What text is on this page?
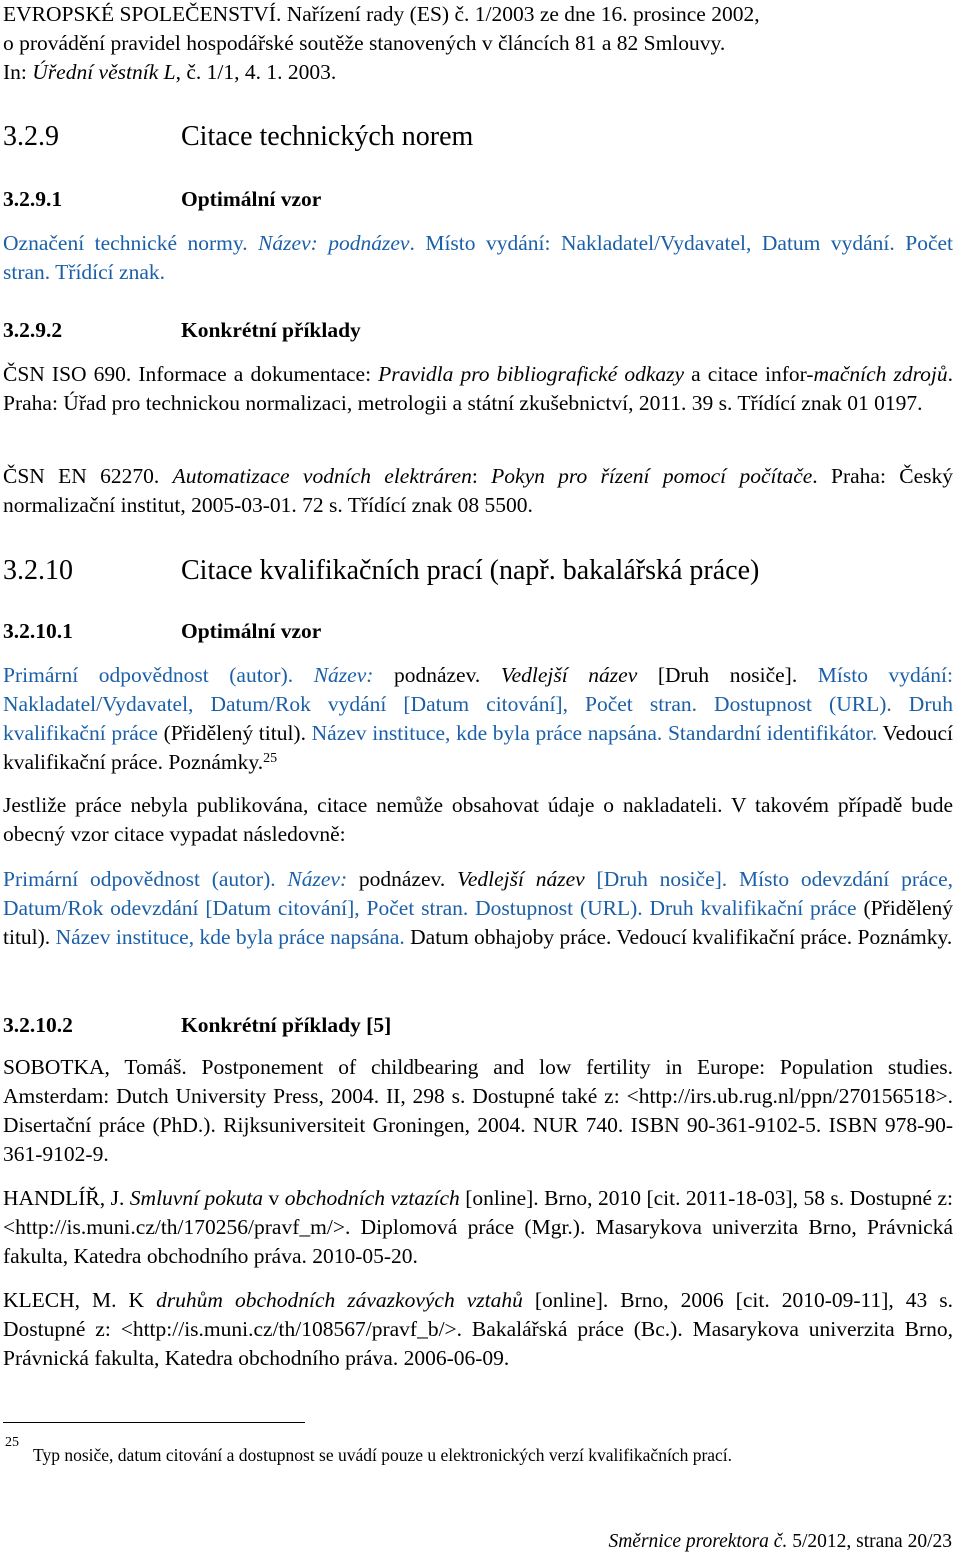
EVROPSKÉ SPOLEČENSTVÍ. Nařízení rady (ES) č. 1/2003 ze dne 16. prosince 2002,
o provádění pravidel hospodářské soutěže stanovených v článcích 81 a 82 Smlouvy.
In: Úřední věstník L, č. 1/1, 4. 1. 2003.
3.2.9	Citace technických norem
3.2.9.1	Optimální vzor

Označení technické normy. Název: podnázev. Místo vydání: Nakladatel/Vydavatel, Datum vydání. Počet stran. Třídící znak.

3.2.9.2	Konkrétní příklady

ČSN ISO 690. Informace a dokumentace: Pravidla pro bibliografické odkazy a citace infor-mačních zdrojů. Praha: Úřad pro technickou normalizaci, metrologii a státní zkušebnictví, 2011. 39 s. Třídící znak 01 0197.

ČSN EN 62270. Automatizace vodních elektráren: Pokyn pro řízení pomocí počítače. Praha: Český normalizační institut, 2005-03-01. 72 s. Třídící znak 08 5500.

3.2.10	Citace kvalifikačních prací (např. bakalářská práce)
3.2.10.1	Optimální vzor

Primární odpovědnost (autor). Název: podnázev. Vedlejší název [Druh nosiče]. Místo vydání: Nakladatel/Vydavatel, Datum/Rok vydání [Datum citování], Počet stran. Dostupnost (URL). Druh kvalifikační práce (Přidělený titul). Název instituce, kde byla práce napsána. Standardní identifikátor. Vedoucí kvalifikační práce. Poznámky.$^{25}$

Jestliže práce nebyla publikována, citace nemůže obsahovat údaje o nakladateli. V takovém případě bude obecný vzor citace vypadat následovně:

Primární odpovědnost (autor). Název: podnázev. Vedlejší název [Druh nosiče]. Místo odevzdání práce, Datum/Rok odevzdání [Datum citování], Počet stran. Dostupnost (URL). Druh kvalifikační práce (Přidělený titul). Název instituce, kde byla práce napsána. Datum obhajoby práce. Vedoucí kvalifikační práce. Poznámky.

3.2.10.2	Konkrétní příklady [5]

SOBOTKA, Tomáš. Postponement of childbearing and low fertility in Europe: Population studies. Amsterdam: Dutch University Press, 2004. II, 298 s. Dostupné také z: <http://irs.ub.rug.nl/ppn/270156518>. Disertační práce (PhD.). Rijksuniversiteit Groningen, 2004. NUR 740. ISBN 90-361-9102-5. ISBN 978-90-361-9102-9.

HANDLÍŘ, J. Smluvní pokuta v obchodních vztazích [online]. Brno, 2010 [cit. 2011-18-03], 58 s. Dostupné z: <http://is.muni.cz/th/170256/pravf_m/>. Diplomová práce (Mgr.). Masarykova univerzita Brno, Právnická fakulta, Katedra obchodního práva. 2010-05-20.

KLECH, M. K druhům obchodních závazkových vztahů [online]. Brno, 2006 [cit. 2010-09-11], 43 s. Dostupné z: <http://is.muni.cz/th/108567/pravf_b/>. Bakalářská práce (Bc.). Masarykova univerzita Brno, Právnická fakulta, Katedra obchodního práva. 2006-06-09.

25
Typ nosiče, datum citování a dostupnost se uvádí pouze u elektronických verzí kvalifikačních prací.
Směrnice prorektora č. 5/2012, strana 20/23
